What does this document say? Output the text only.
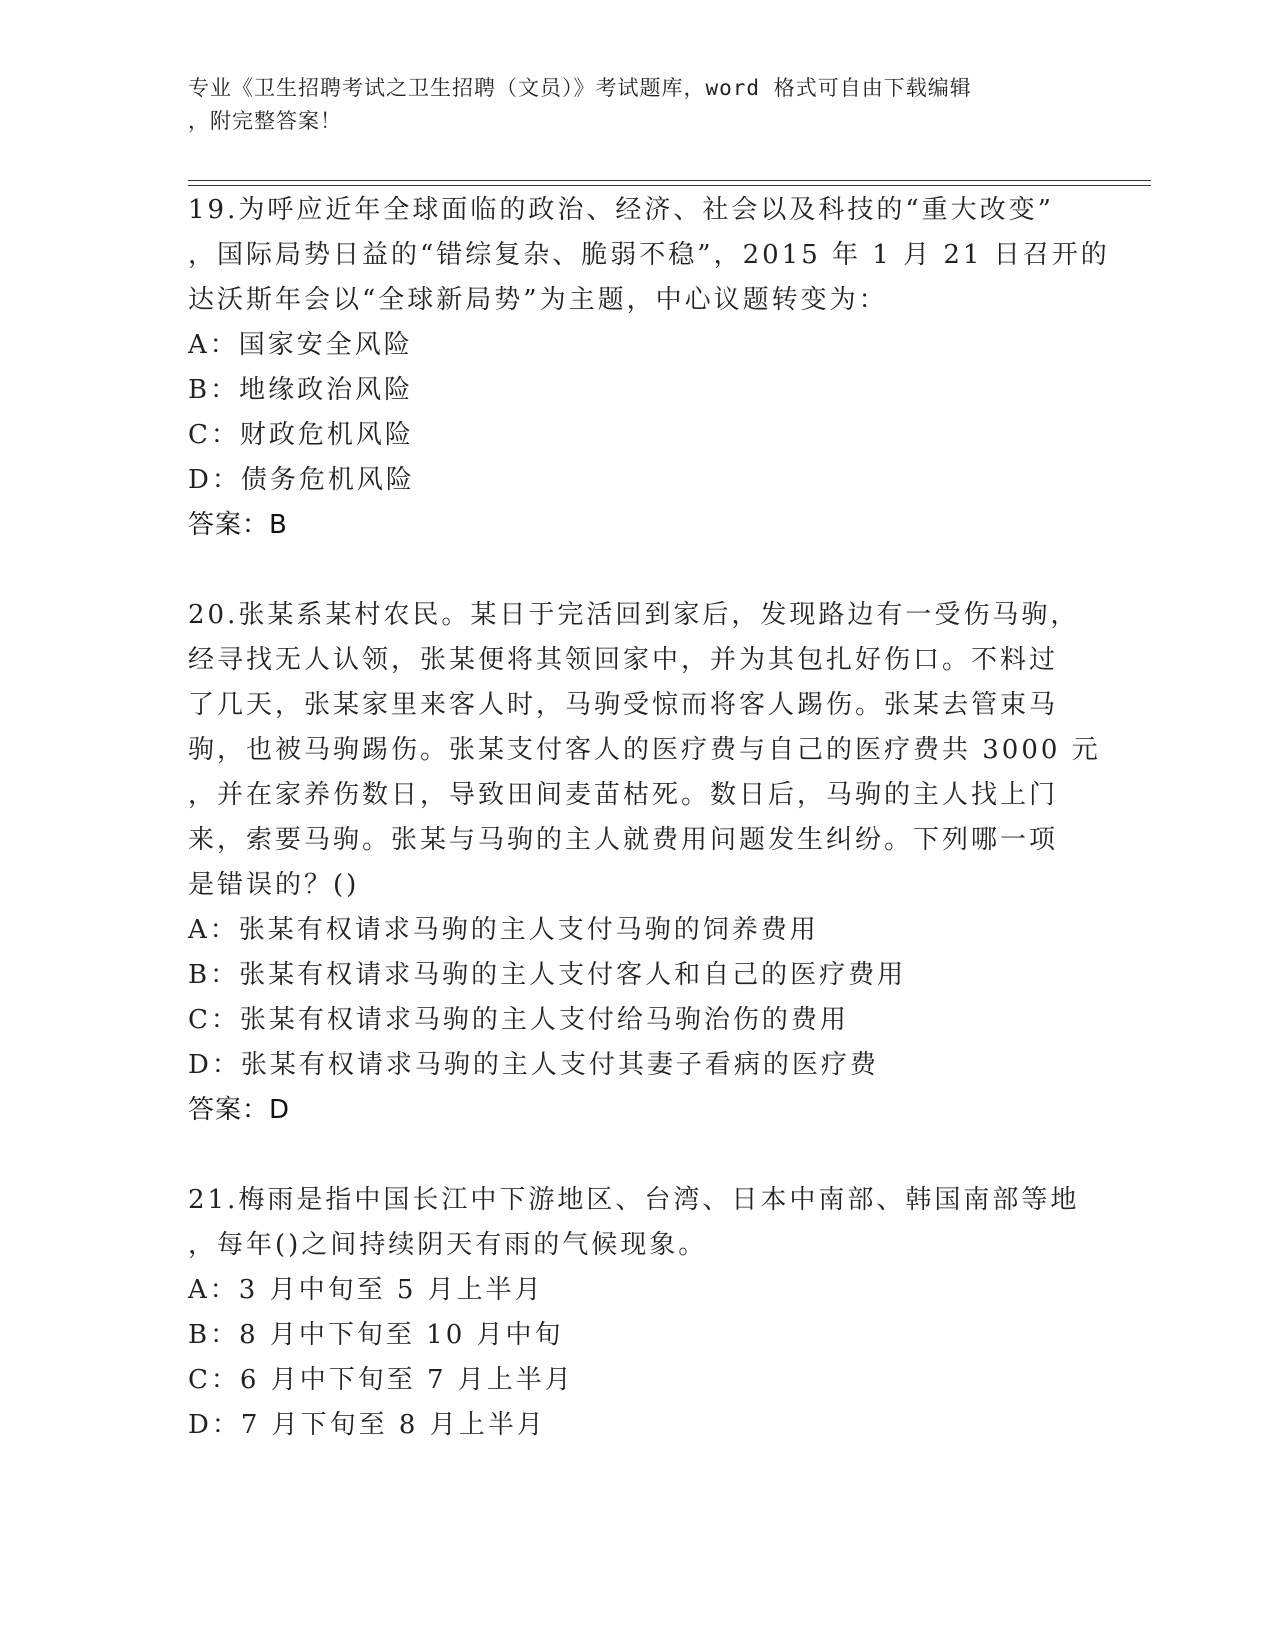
专业《卫生招聘考试之卫生招聘（文员）》考试题库，word 格式可自由下载编辑
，附完整答案！
19.为呼应近年全球面临的政治、经济、社会以及科技的“重大改变”
，国际局势日益的“错综复杂、脆弱不稳”，2015 年 1 月 21 日召开的
达沃斯年会以“全球新局势”为主题，中心议题转变为：
A：国家安全风险
B：地缘政治风险
C：财政危机风险
D：债务危机风险
答案：B
20.张某系某村农民。某日于完活回到家后，发现路边有一受伤马驹，
经寻找无人认领，张某便将其领回家中，并为其包扎好伤口。不料过
了几天，张某家里来客人时，马驹受惊而将客人踢伤。张某去管束马
驹，也被马驹踢伤。张某支付客人的医疗费与自己的医疗费共 3000 元
，并在家养伤数日，导致田间麦苗枯死。数日后，马驹的主人找上门
来，索要马驹。张某与马驹的主人就费用问题发生纠纷。下列哪一项
是错误的？()
A：张某有权请求马驹的主人支付马驹的饲养费用
B：张某有权请求马驹的主人支付客人和自己的医疗费用
C：张某有权请求马驹的主人支付给马驹治伤的费用
D：张某有权请求马驹的主人支付其妻子看病的医疗费
答案：D
21.梅雨是指中国长江中下游地区、台湾、日本中南部、韩国南部等地
，每年()之间持续阴天有雨的气候现象。
A：3 月中旬至 5 月上半月
B：8 月中下旬至 10 月中旬
C：6 月中下旬至 7 月上半月
D：7 月下旬至 8 月上半月
